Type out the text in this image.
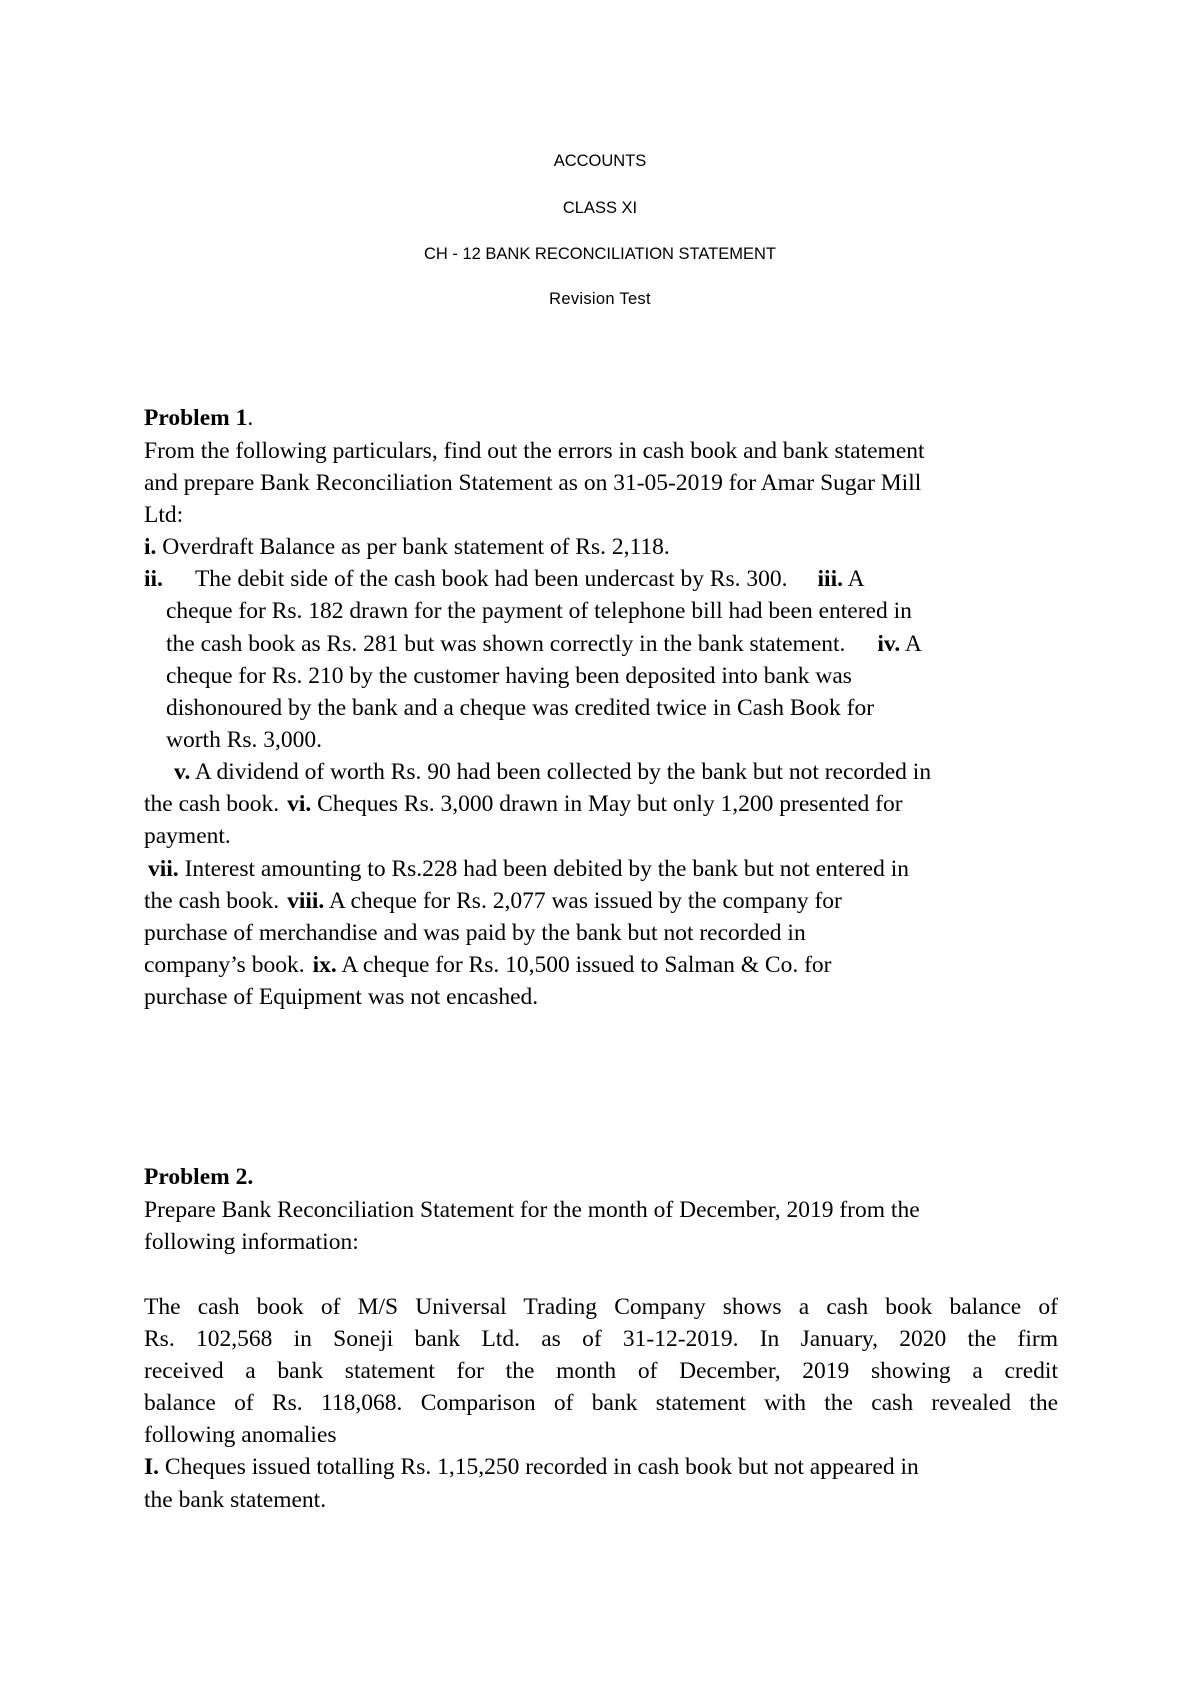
ACCOUNTS
CLASS XI
CH - 12 BANK RECONCILIATION STATEMENT
Revision Test
Problem 1.
From the following particulars, find out the errors in cash book and bank statement
and prepare Bank Reconciliation Statement as on 31-05-2019 for Amar Sugar Mill
Ltd:
i. Overdraft Balance as per bank statement of Rs. 2,118.
ii. The debit side of the cash book had been undercast by Rs. 300. iii. A
cheque for Rs. 182 drawn for the payment of telephone bill had been entered in
the cash book as Rs. 281 but was shown correctly in the bank statement. iv. A
cheque for Rs. 210 by the customer having been deposited into bank was
dishonoured by the bank and a cheque was credited twice in Cash Book for
worth Rs. 3,000.
v. A dividend of worth Rs. 90 had been collected by the bank but not recorded in
the cash book. vi. Cheques Rs. 3,000 drawn in May but only 1,200 presented for
payment.
vii. Interest amounting to Rs.228 had been debited by the bank but not entered in
the cash book. viii. A cheque for Rs. 2,077 was issued by the company for
purchase of merchandise and was paid by the bank but not recorded in
company’s book. ix. A cheque for Rs. 10,500 issued to Salman & Co. for
purchase of Equipment was not encashed.
Problem 2.
Prepare Bank Reconciliation Statement for the month of December, 2019 from the
following information:
The cash book of M/S Universal Trading Company shows a cash book balance of
Rs. 102,568 in Soneji bank Ltd. as of 31-12-2019. In January, 2020 the firm
received a bank statement for the month of December, 2019 showing a credit
balance of Rs. 118,068. Comparison of bank statement with the cash revealed the
following anomalies
I. Cheques issued totalling Rs. 1,15,250 recorded in cash book but not appeared in
the bank statement.
